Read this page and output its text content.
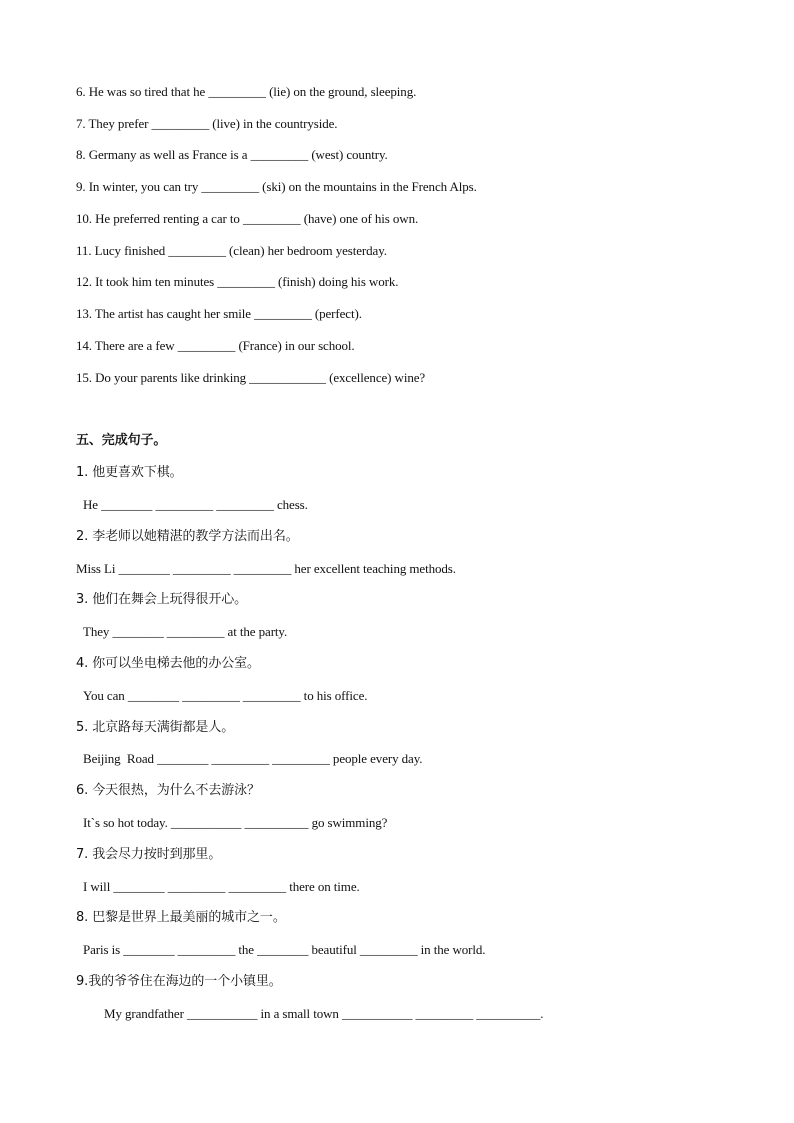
6. He was so tired that he _________ (lie) on the ground, sleeping.
7. They prefer _________ (live) in the countryside.
8. Germany as well as France is a _________ (west) country.
9. In winter, you can try _________ (ski) on the mountains in the French Alps.
10. He preferred renting a car to _________ (have) one of his own.
11. Lucy finished _________ (clean) her bedroom yesterday.
12. It took him ten minutes _________ (finish) doing his work.
13. The artist has caught her smile _________ (perfect).
14. There are a few _________ (France) in our school.
15. Do your parents like drinking ____________ (excellence) wine?
五、完成句子。
1. 他更喜欢下棋。
He ________ _________ _________ chess.
2. 李老师以她精湛的教学方法而出名。
Miss Li ________ _________ _________ her excellent teaching methods.
3. 他们在舞会上玩得很开心。
They ________ _________ at the party.
4. 你可以坐电梯去他的办公室。
You can ________ _________ _________ to his office.
5. 北京路每天满街都是人。
Beijing  Road ________ _________ _________ people every day.
6. 今天很热，为什么不去游泳？
It`s so hot today. ___________ __________ go swimming?
7. 我会尽力按时到那里。
I will ________ _________ _________ there on time.
8. 巴黎是世界上最美丽的城市之一。
Paris is ________ _________ the ________ beautiful _________ in the world.
9.我的爷爷住在海边的一个小镇里。
My grandfather ___________ in a small town ___________ _________ __________.
